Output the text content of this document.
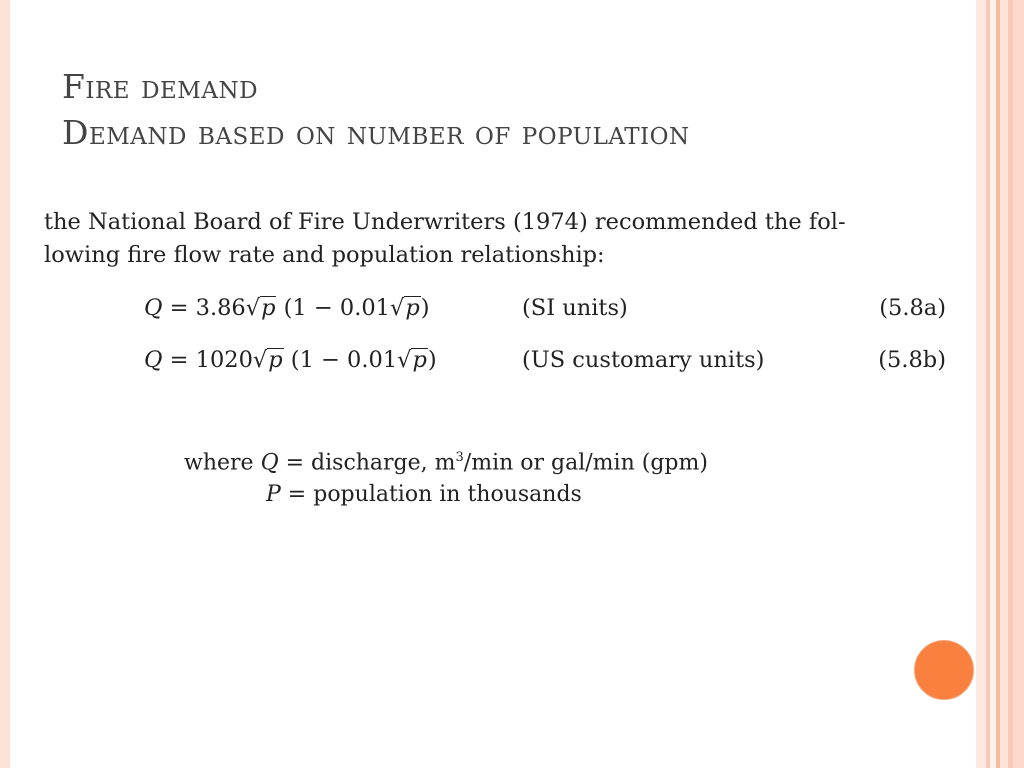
Fire demand
Demand based on number of population

the National Board of Fire Underwriters (1974) recommended the fol-
lowing fire flow rate and population relationship:

Q = 3.86√p (1 − 0.01√p)	(SI units)	(5.8a)
Q = 1020√p (1 − 0.01√p)	(US customary units)	(5.8b)
where Q = discharge, $m^3/\min$ or gal/min (gpm)
P = population in thousands
